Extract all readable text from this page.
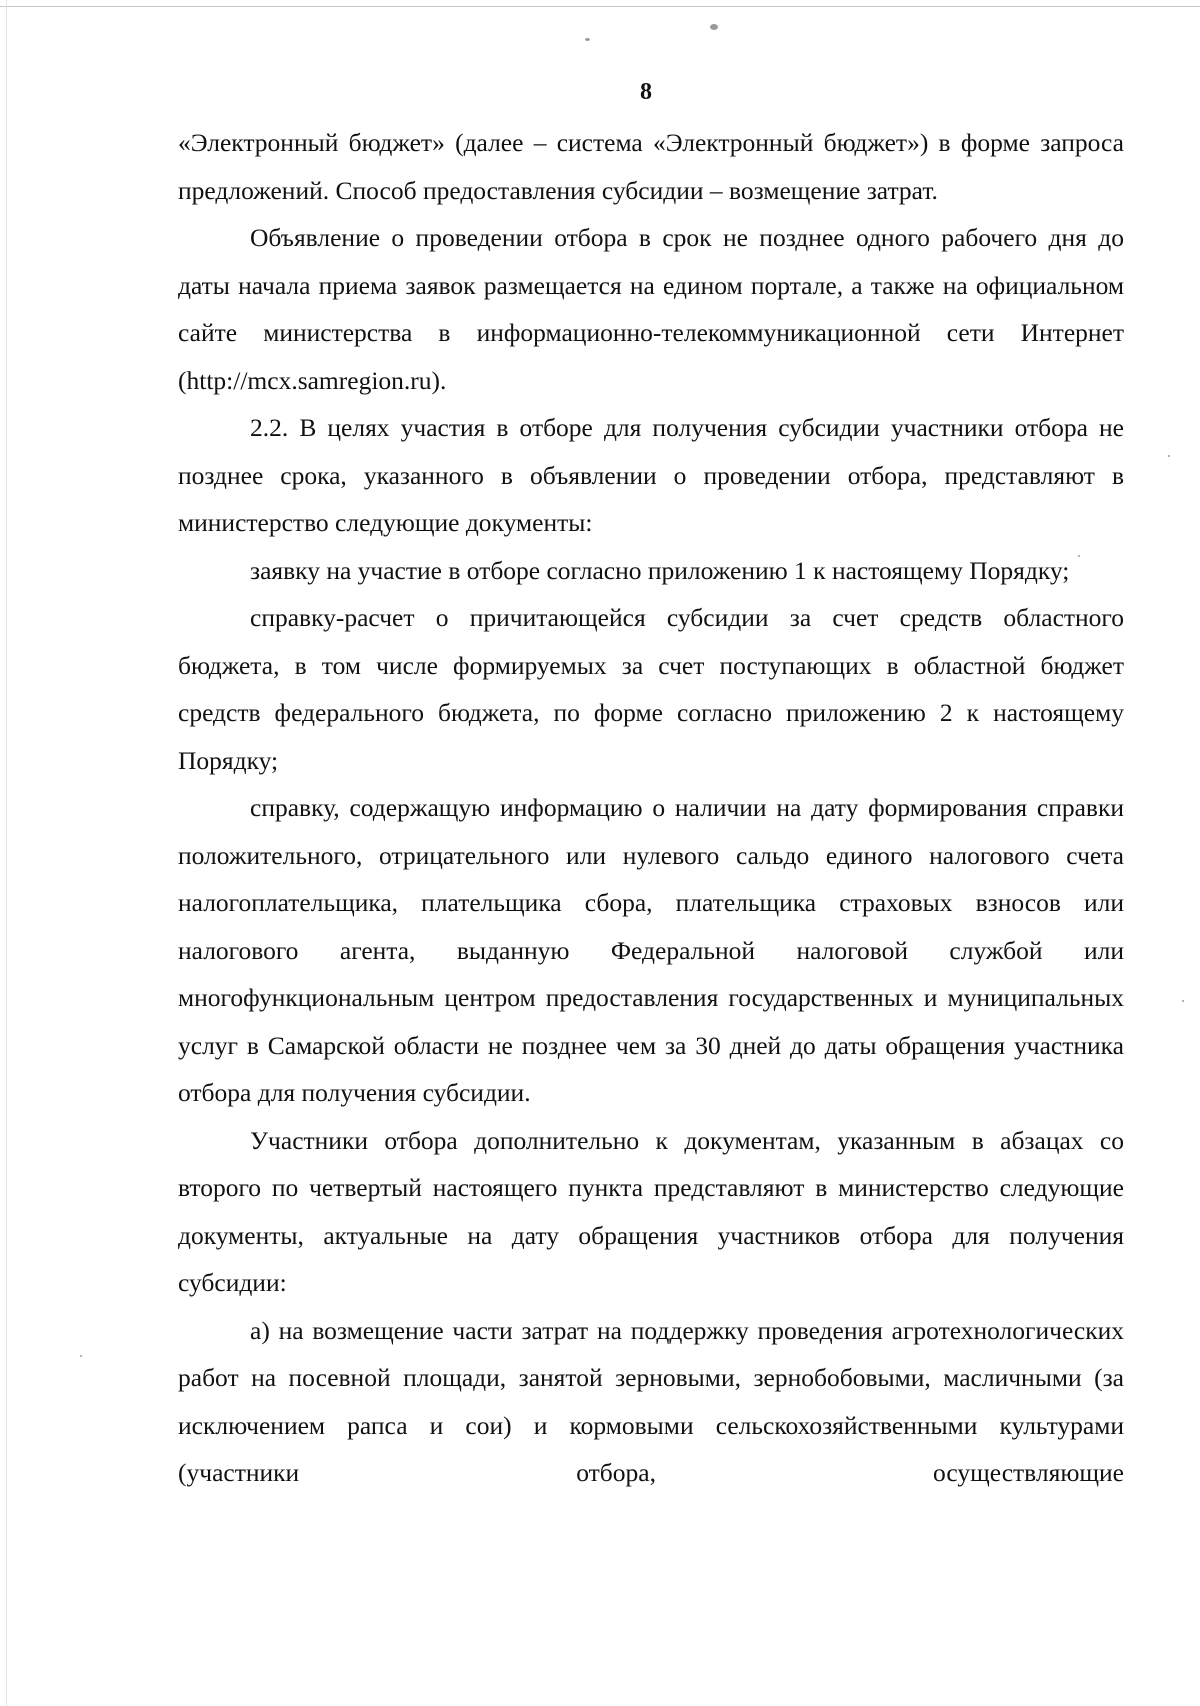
8

«Электронный бюджет» (далее – система «Электронный бюджет») в форме запроса предложений. Способ предоставления субсидии – возмещение затрат.

Объявление о проведении отбора в срок не позднее одного рабочего дня до даты начала приема заявок размещается на едином портале, а также на официальном сайте министерства в информационно-телекоммуникационной сети Интернет (http://mcx.samregion.ru).

2.2. В целях участия в отборе для получения субсидии участники отбора не позднее срока, указанного в объявлении о проведении отбора, представляют в министерство следующие документы:

заявку на участие в отборе согласно приложению 1 к настоящему Порядку;

справку-расчет о причитающейся субсидии за счет средств областного бюджета, в том числе формируемых за счет поступающих в областной бюджет средств федерального бюджета, по форме согласно приложению 2 к настоящему Порядку;

справку, содержащую информацию о наличии на дату формирования справки положительного, отрицательного или нулевого сальдо единого налогового счета налогоплательщика, плательщика сбора, плательщика страховых взносов или налогового агента, выданную Федеральной налоговой службой или многофункциональным центром предоставления государственных и муниципальных услуг в Самарской области не позднее чем за 30 дней до даты обращения участника отбора для получения субсидии.

Участники отбора дополнительно к документам, указанным в абзацах со второго по четвертый настоящего пункта представляют в министерство следующие документы, актуальные на дату обращения участников отбора для получения субсидии:

а) на возмещение части затрат на поддержку проведения агротехнологических работ на посевной площади, занятой зерновыми, зернобобовыми, масличными (за исключением рапса и сои) и кормовыми сельскохозяйственными культурами (участники отбора, осуществляющие
